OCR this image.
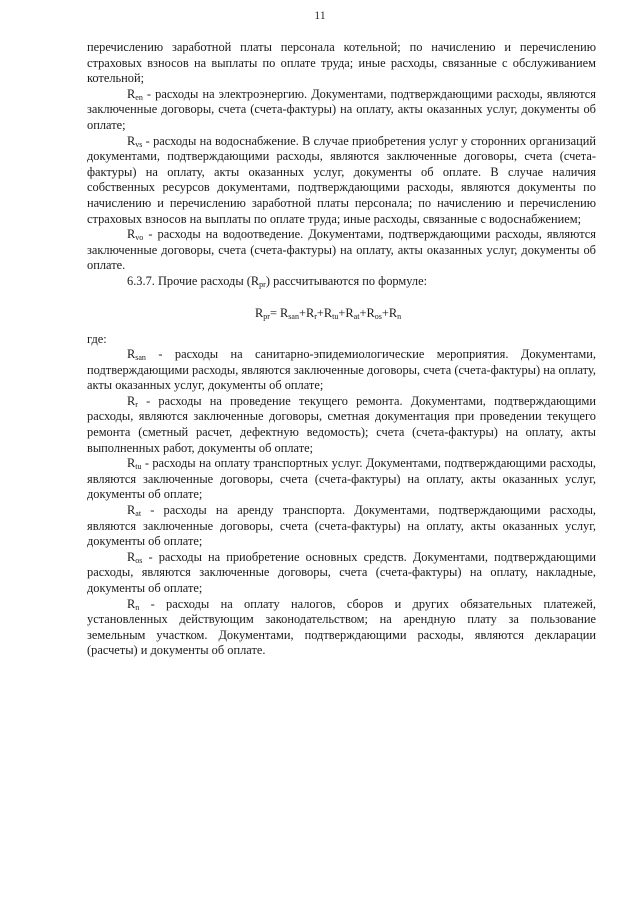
11

перечислению заработной платы персонала котельной; по начислению и перечислению страховых взносов на выплаты по оплате труда; иные расходы, связанные с обслуживанием котельной;

$R_{en}$ - расходы на электроэнергию. Документами, подтверждающими расходы, являются заключенные договоры, счета (счета-фактуры) на оплату, акты оказанных услуг, документы об оплате;

$R_{vs}$ - расходы на водоснабжение. В случае приобретения услуг у сторонних организаций документами, подтверждающими расходы, являются заключенные договоры, счета (счета-фактуры) на оплату, акты оказанных услуг, документы об оплате. В случае наличия собственных ресурсов документами, подтверждающими расходы, являются документы по начислению и перечислению заработной платы персонала; по начислению и перечислению страховых взносов на выплаты по оплате труда; иные расходы, связанные с водоснабжением;

$R_{vo}$ - расходы на водоотведение. Документами, подтверждающими расходы, являются заключенные договоры, счета (счета-фактуры) на оплату, акты оказанных услуг, документы об оплате.

6.3.7. Прочие расходы $(R_{pr})$ рассчитываются по формуле:

$R_{pr}= R_{san}+R_r+R_{tu}+R_{at}+R_{os}+R_n$

где:

$R_{san}$ - расходы на санитарно-эпидемиологические мероприятия. Документами, подтверждающими расходы, являются заключенные договоры, счета (счета-фактуры) на оплату, акты оказанных услуг, документы об оплате;

$R_r$ - расходы на проведение текущего ремонта. Документами, подтверждающими расходы, являются заключенные договоры, сметная документация при проведении текущего ремонта (сметный расчет, дефектную ведомость); счета (счета-фактуры) на оплату, акты выполненных работ, документы об оплате;

$R_{tu}$ - расходы на оплату транспортных услуг. Документами, подтверждающими расходы, являются заключенные договоры, счета (счета-фактуры) на оплату, акты оказанных услуг, документы об оплате;

$R_{at}$ - расходы на аренду транспорта. Документами, подтверждающими расходы, являются заключенные договоры, счета (счета-фактуры) на оплату, акты оказанных услуг, документы об оплате;

$R_{os}$ - расходы на приобретение основных средств. Документами, подтверждающими расходы, являются заключенные договоры, счета (счета-фактуры) на оплату, накладные, документы об оплате;

$R_n$ - расходы на оплату налогов, сборов и других обязательных платежей, установленных действующим законодательством; на арендную плату за пользование земельным участком. Документами, подтверждающими расходы, являются декларации (расчеты) и документы об оплате.
